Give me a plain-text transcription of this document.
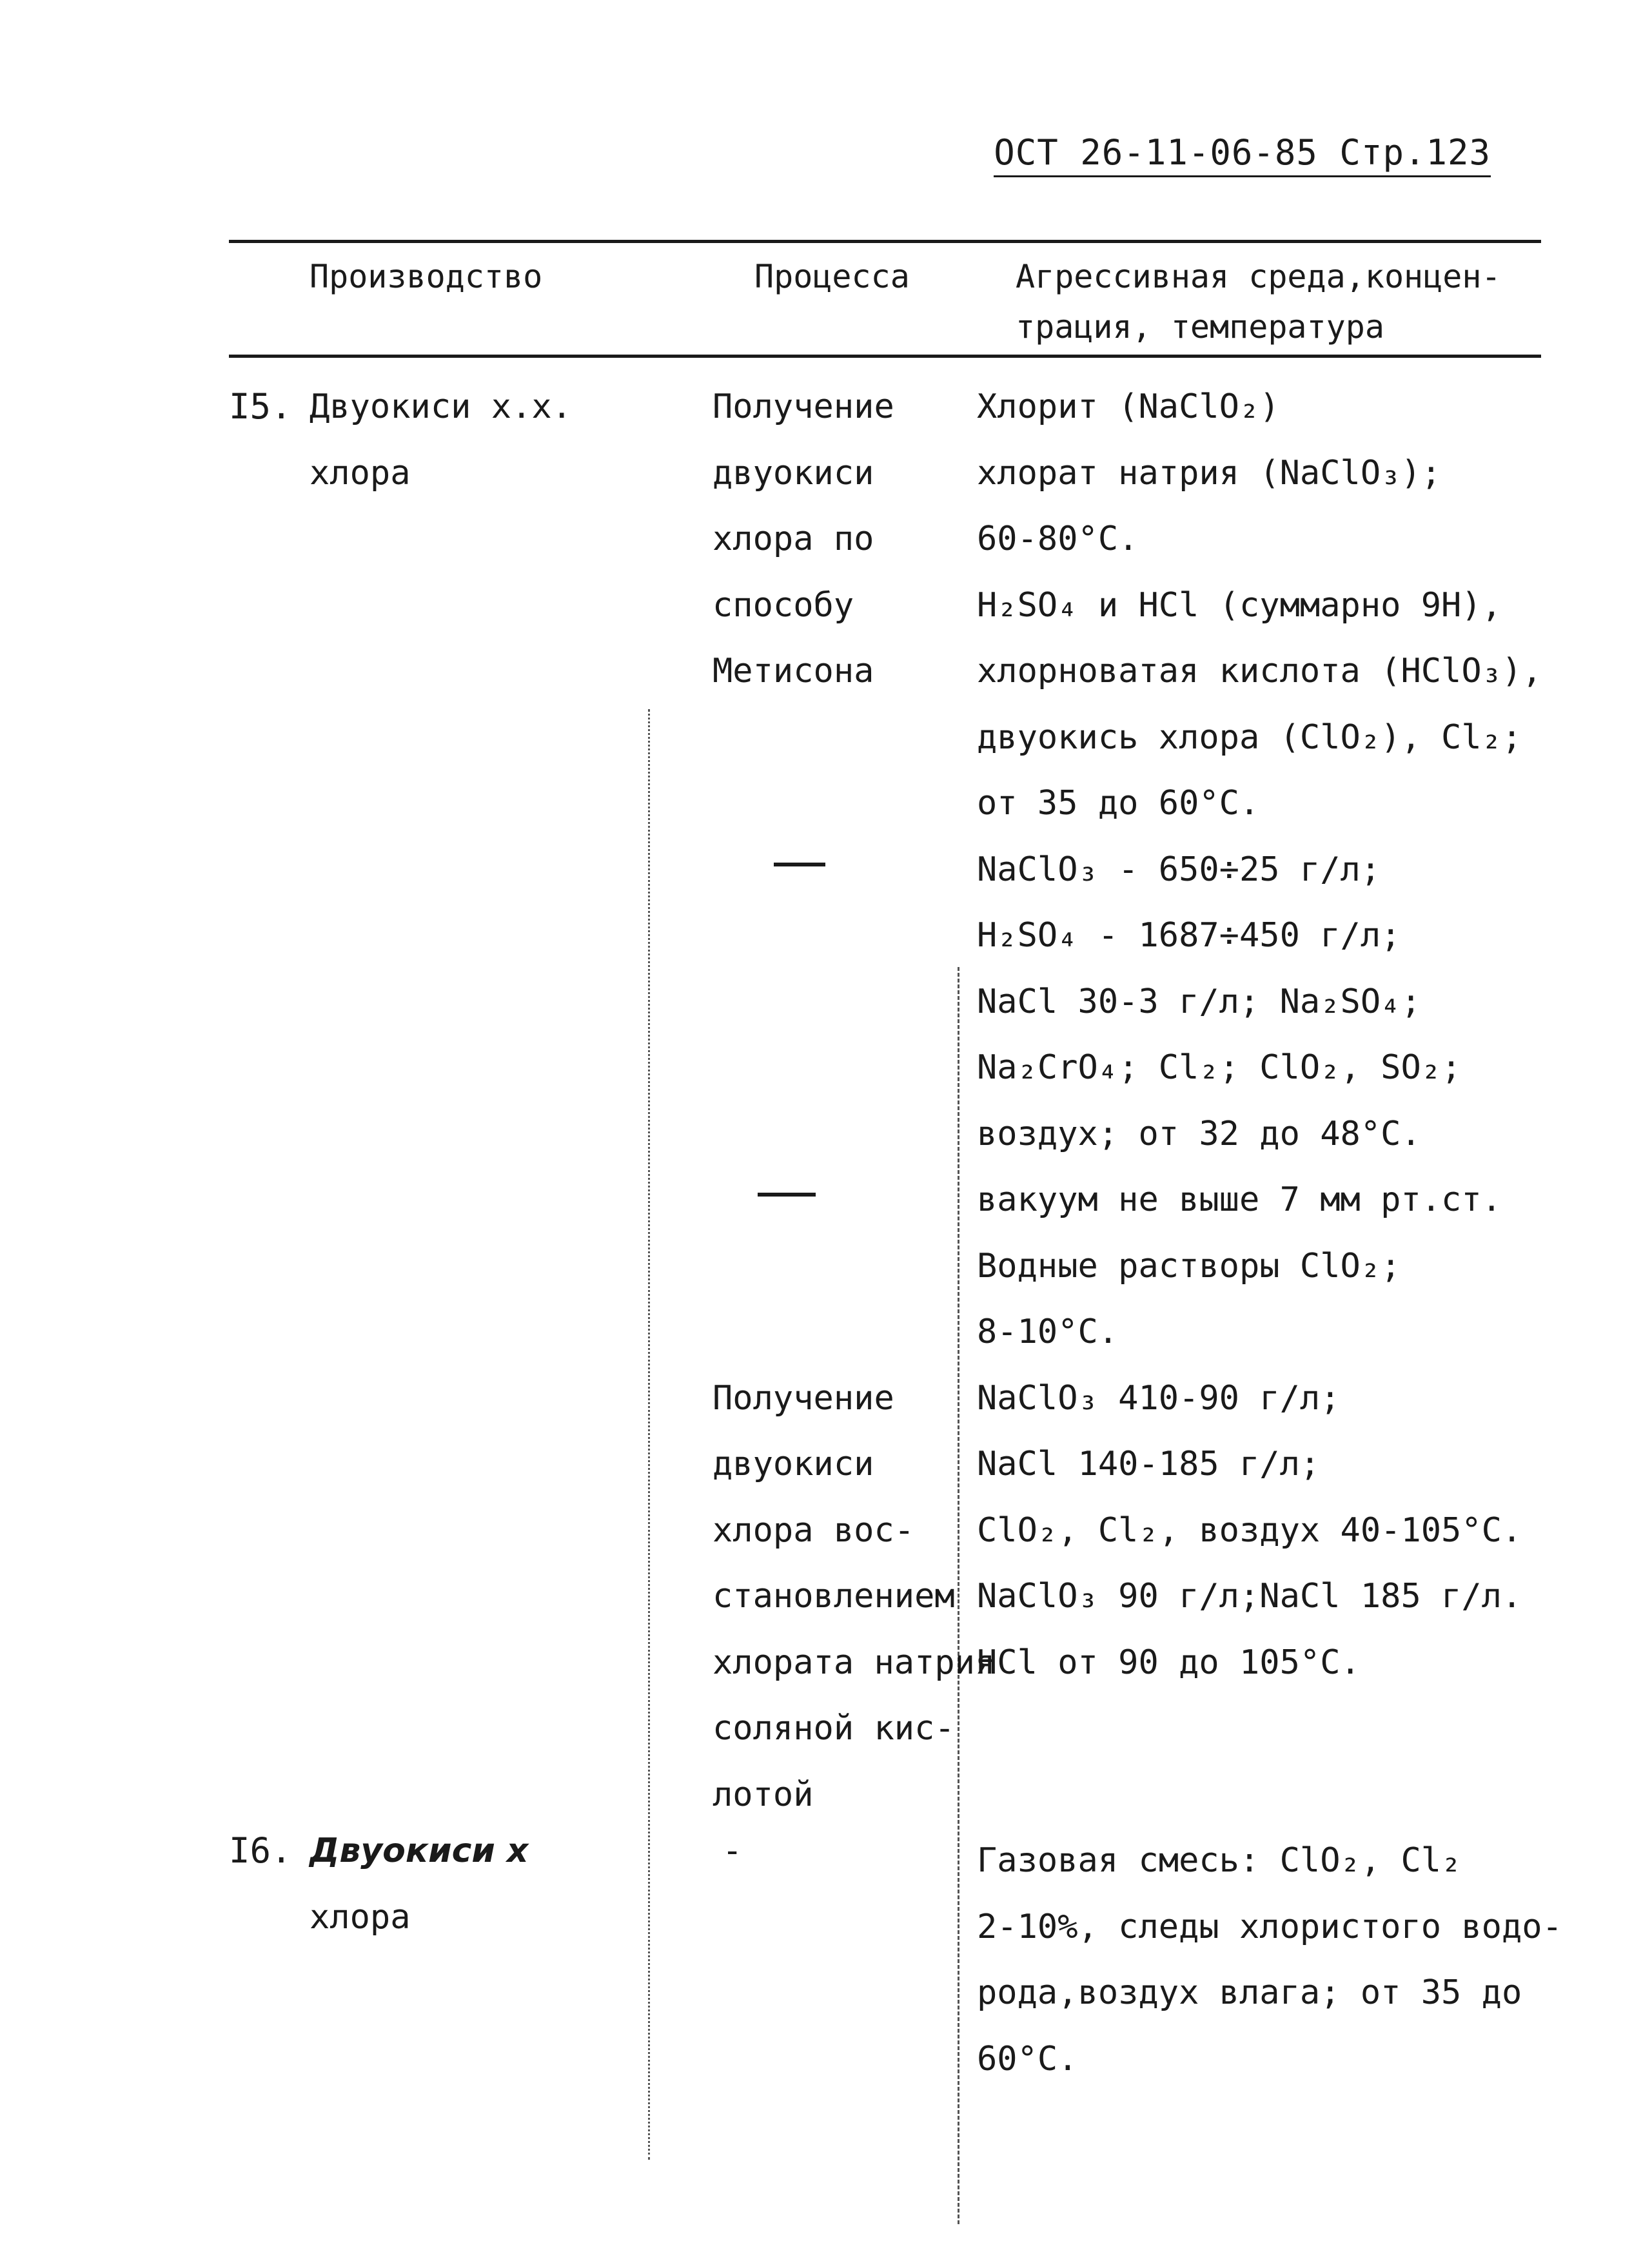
ОСТ 26-11-06-85 Стр.123
Производство	Процесса	Агрессивная среда,концен-
трация, температура
I5. Двуокиси x.x.
хлора
I6. Двуокиси x
хлора
Получение
двуокиси
хлора по
способу
Метисона
Получение
двуокиси
хлора вос-
становлением
хлората натрия
соляной кис-
лотой
-
Хлорит (NaClO₂)
хлорат натрия (NaClO₃);
60-80°С.
H₂SO₄ и HCl (суммарно 9Н),
хлорноватая кислота (HClO₃),
двуокись хлора (ClO₂), Cl₂;
от 35 до 60°С.
NaClO₃ - 650÷25 г/л;
H₂SO₄ - 1687÷450 г/л;
NaCl 30-3 г/л; Na₂SO₄;
Na₂CrO₄; Cl₂; ClO₂, SO₂;
воздух; от 32 до 48°С.
вакуум не выше 7 мм рт.ст.
Водные растворы ClO₂;
8-10°С.
NaClO₃ 410-90 г/л;
NaCl 140-185 г/л;
ClO₂, Cl₂, воздух 40-105°С.
NaClO₃ 90 г/л;NaCl 185 г/л.
HCl от 90 до 105°С.
Газовая смесь: ClO₂, Cl₂
2-10%, следы хлористого водо-
рода,воздух влага; от 35 до
60°С.
